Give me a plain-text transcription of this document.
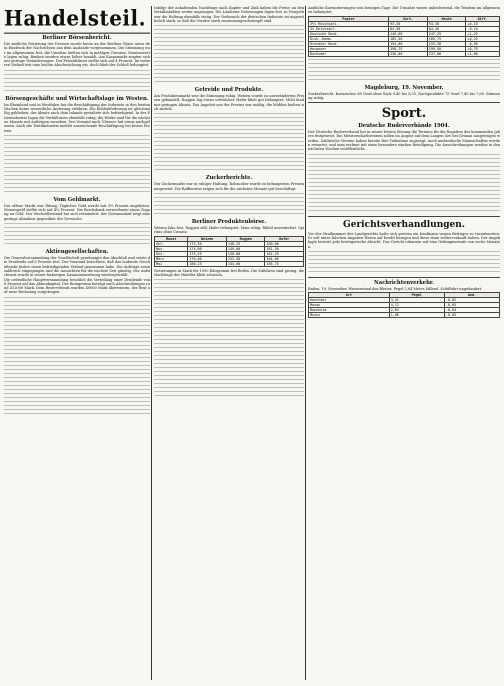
Handelsteil.
Berliner Börsenbericht.

Die amtliche Notierung der Devisen wurde heute an der Berliner Börse unter dem Eindruck der Nachrichten aus dem Auslande vorgenommen. Die Stimmung war im allgemeinen fest, die Umsätze hielten sich in mäßigen Grenzen. Montanwerte lagen ruhig, Banken wurden etwas höher bezahlt. Am Kassamarkt zeigten sich nur geringe Veränderungen. Der Privatdiskont stellte sich auf 4 Prozent. Im weiteren Verlauf trat eine leichte Abschwächung ein, doch blieb der Schluß behauptet.

Börsengeschäfte und Wirtschaftslage im Westen.

Im Rheinland und in Westfalen hat die Beschäftigung der Industrie in den letzten Wochen keine wesentliche Änderung erfahren. Die Kohlenförderung ist gleichmäßig geblieben, der Absatz nach dem Inlande gestaltete sich befriedigend. In der Eisenindustrie lagen die Verhältnisse ebenfalls ruhig; die Werke sind für die nächsten Monate mit Aufträgen versehen. Der Versand nach Übersee hat etwas nachgelassen. Auch die Textilindustrie meldet ausreichende Beschäftigung bei festen Preisen.

Vom Geldmarkt.

Der offene Markt war flüssig. Tägliches Geld wurde mit 3½ Prozent angeboten, Monatsgeld stellte sich auf 4¼ Prozent. Die Reichsbank verzeichnete einen Zugang an Gold. Der Wechselbestand hat sich vermindert, der Notenumlauf zeigt eine geringe Abnahme gegenüber der Vorwoche.

Aktiengesellschaften.

Die Generalversammlung der Gesellschaft genehmigte den Abschluß und setzte die Dividende auf 6 Prozent fest. Der Vorstand berichtete, daß das laufende Geschäftsjahr bisher einen befriedigenden Verlauf genommen habe. Die Aufträge seien zahlreich eingegangen und die Aussichten für die nächste Zeit günstig. Der Aufsichtsrat wurde in seiner bisherigen Zusammensetzung wiedergewählt.

Die ordentliche Hauptversammlung beschloß die Verteilung einer Dividende von 8 Prozent auf das Aktienkapital. Der Reingewinn beträgt nach Abschreibungen rund 412000 Mark. Dem Reservefonds wurden 40000 Mark überwiesen, der Rest auf neue Rechnung vorgetragen.

Infolge der anhaltenden Nachfrage nach Kupfer und Zink haben die Preise an den Metallmärkten weiter angezogen. Die Londoner Notierungen lagen fest, in Neuyork war die Haltung ebenfalls stetig. Der Verbrauch der deutschen Industrie ist ungewöhnlich stark, so daß die Vorräte stark zusammengeschrumpft sind.

Getreide und Produkte.

Am Produktenmarkt war die Stimmung ruhig. Weizen wurde zu unveränderten Preisen gehandelt, Roggen lag etwas schwächer. Hafer blieb gut behauptet. Mehl fand nur geringen Absatz. Das Angebot aus der Provinz war mäßig, die Mühlen hielten sich zurück.

Zuckerberichte.

Der Zuckermarkt war in ruhiger Haltung. Rohzucker wurde zu behaupteten Preisen umgesetzt. Die Raffinerien zeigen sich für die nächsten Monate gut beschäftigt.

Berliner Produktenbörse.

Weizen loko fest, Roggen still, Hafer behauptet, Mais ruhig. Rüböl unverändert. Spiritus ohne Umsatz.

Monat	Weizen	Roggen	Hafer
Okt.	173,50	148,25	160,00
Nov.	174,00	149,00	161,50
Dez.	175,25	150,00	162,25
März	178,00	152,50	164,00
Mai	180,25	154,00	165,75

Notierungen in Mark für 1000 Kilogramm frei Berlin. Die Zufuhren sind gering, die Nachfrage der Händler blieb schwach.

Amtliche Kursnotierungen vom heutigen Tage. Die Umsätze waren unbedeutend, die Tendenz im allgemeinen behauptet.

Papier	Vort.	Heute	Diff.
3½% Reichsanl.	93,20	93,30	+0,10
3% Reichsanl.	84,50	84,40	-0,10
Deutsche Bank	246,00	247,25	+1,25
Disk.-Komm.	185,50	185,75	+0,25
Dresdner Bank	154,00	153,50	-0,50
Harpener	198,75	199,50	+0,75
Bochumer	236,00	237,00	+1,00
Magdeburg, 19. November.

Zuckerbericht. Kornzucker 88 Grad ohne Sack 9,45 bis 9,55, Nachprodukte 75 Grad 7,40 bis 7,60. Stimmung ruhig.

Sport.
Deutsche Ruderverbände 1904.

Der Deutsche Ruderverband hat in seiner letzten Sitzung die Termine für die Regatten des kommenden Jahres festgesetzt. Die Meisterschaftsrennen sollen im August auf dem Langen See bei Grünau ausgetragen werden. Zahlreiche Vereine haben bereits ihre Teilnahme zugesagt. Auch ausländische Mannschaften werden erwartet, und man rechnet mit einer besonders starken Beteiligung. Die Ausschreibungen werden in den nächsten Wochen veröffentlicht.

Gerichtsverhandlungen.

Vor der Strafkammer des Landgerichts hatte sich gestern ein Kaufmann wegen Betruges zu verantworten. Er soll unter falschen Angaben Waren auf Kredit bezogen und diese dann weiterverkauft haben. Der Angeklagte bestritt jede betrügerische Absicht. Das Gericht erkannte auf eine Gefängnisstrafe von sechs Monaten.

Nachrichtenverkehr.

Baden, 19. November. Wasserstand des Rheins. Pegel 2,84 Meter, fallend. Schiffahrt ungehindert.

Ort	Pegel	Änd.
Konstanz	3,41	-0,02
Maxau	4,12	-0,05
Mannheim	2,84	-0,04
Mainz	1,06	-0,03
